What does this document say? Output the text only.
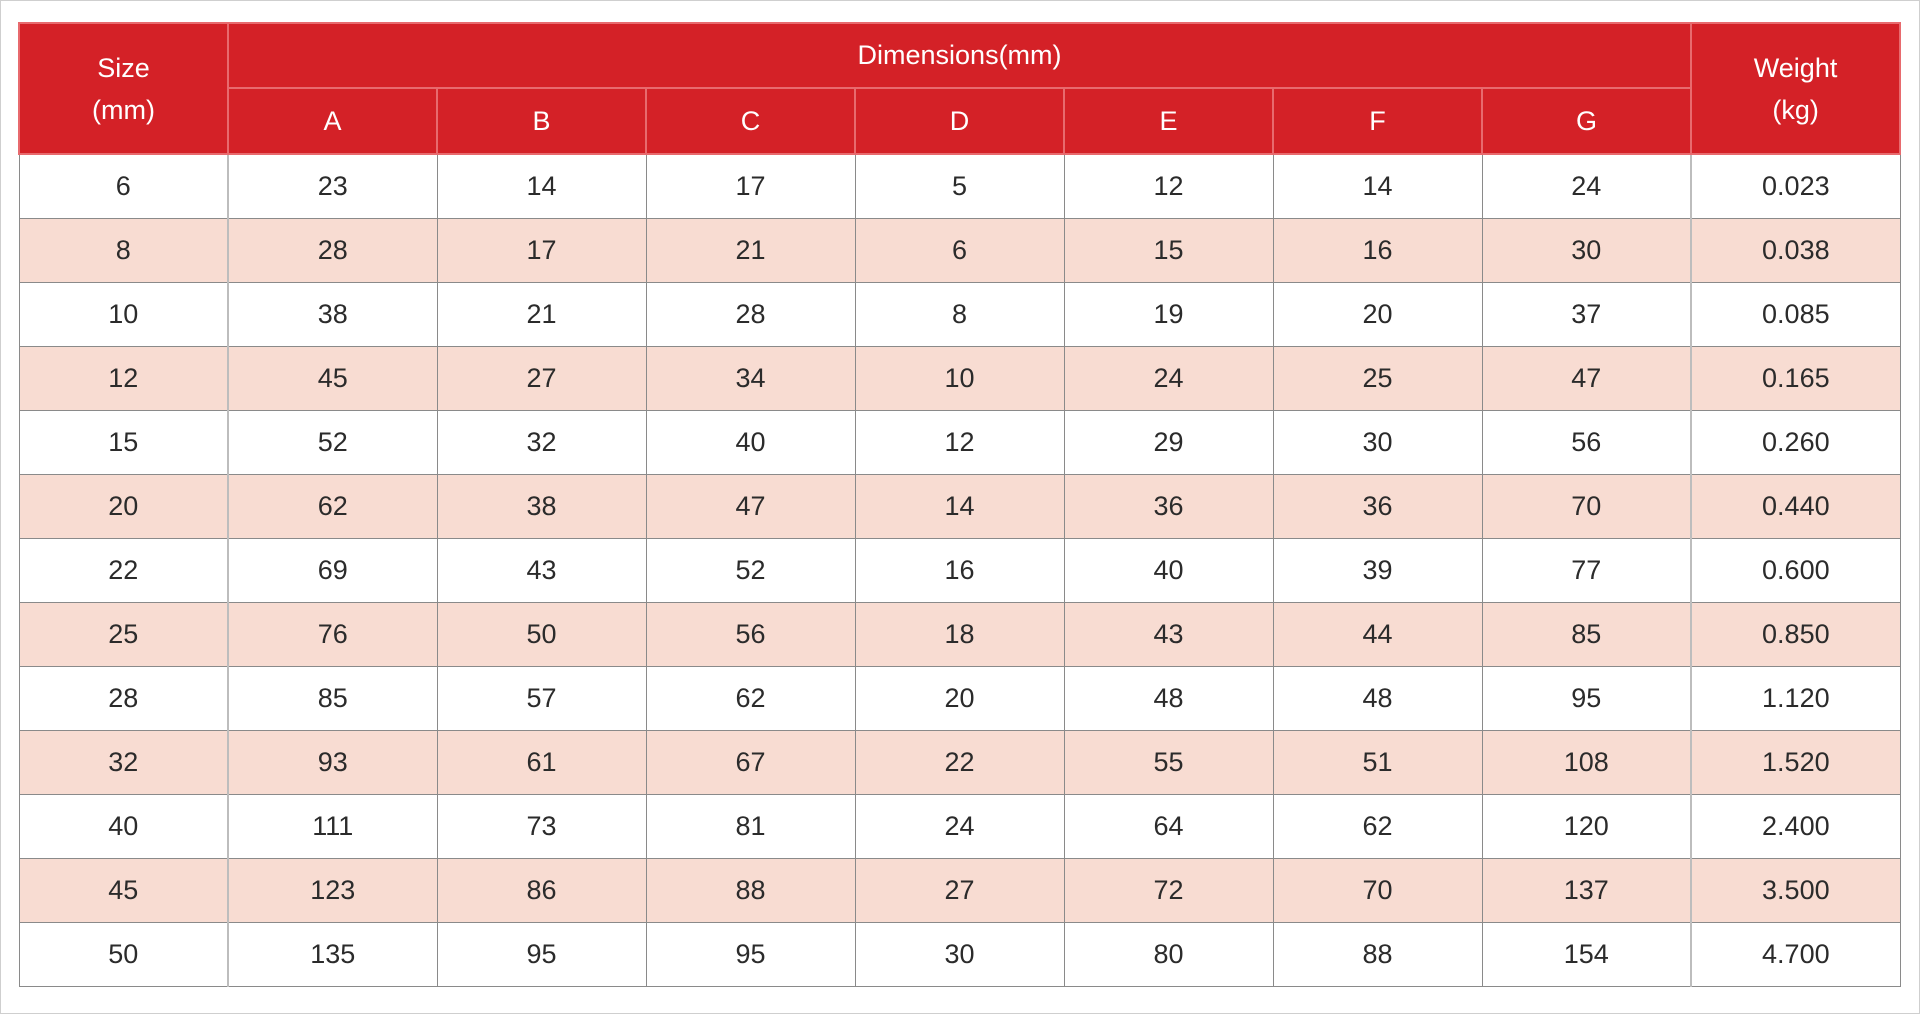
Size
(mm)	Dimensions(mm)							Weight
(kg)

	A	B	C	D	E	F	G	
6	23	14	17	5	12	14	24	0.023
8	28	17	21	6	15	16	30	0.038
10	38	21	28	8	19	20	37	0.085
12	45	27	34	10	24	25	47	0.165
15	52	32	40	12	29	30	56	0.260
20	62	38	47	14	36	36	70	0.440
22	69	43	52	16	40	39	77	0.600
25	76	50	56	18	43	44	85	0.850
28	85	57	62	20	48	48	95	1.120
32	93	61	67	22	55	51	108	1.520
40	111	73	81	24	64	62	120	2.400
45	123	86	88	27	72	70	137	3.500
50	135	95	95	30	80	88	154	4.700
